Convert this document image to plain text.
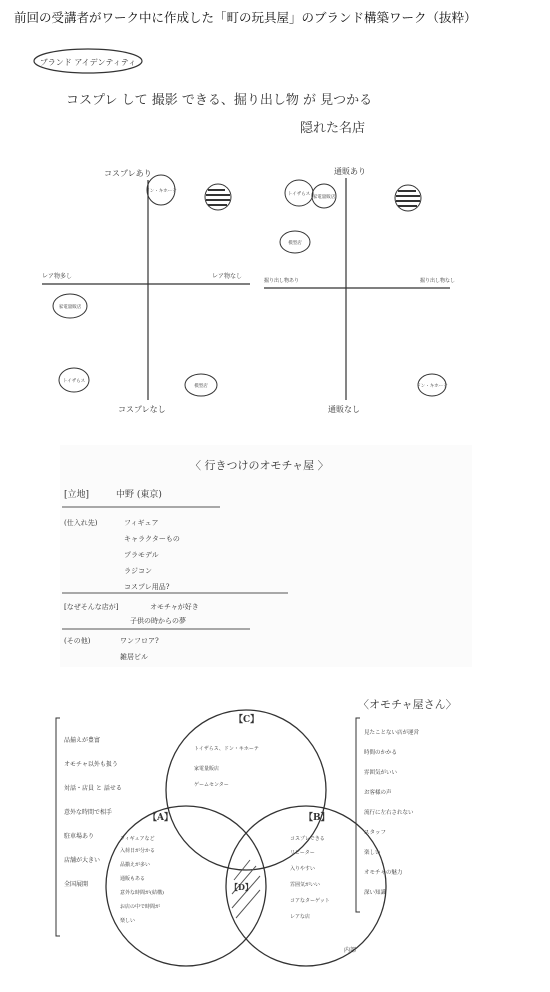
前回の受講者がワーク中に作成した「町の玩具屋」のブランド構築ワーク（抜粋）
ブランド アイデンティティ
コスプレ して 撮影 できる、掘り出し物 が 見つかる
隠れた名店
コスプレあり
コスプレなし
レア物多し	レア物なし
ドン・キホーテ
家電量販店
トイザらス
模型店
通販あり
通販なし
掘り出し物あり	掘り出し物なし
トイザらス
家電量販店
模型店
ドン・キホーテ
〈 行きつけのオモチャ屋 〉
[立地]	中野 (東京)
(仕入れ先)	フィギュア
キャラクターもの
プラモデル
ラジコン
コスプレ用品?
[なぜそんな店が]	オモチャが好き
子供の時からの夢
(その他)	ワンフロア?
雑居ビル
品揃えが豊富
オモチャ以外も扱う
対話・店員 と 話せる
意外な時間で相手
駐車場あり
店舗が大きい
全国展開
【C】
【A】	【B】
【D】
トイザらス、ドン・キホーテ
家電量販店
ゲームセンター
フィギュアなど
入荷日が分かる
品揃えが多い
通販もある
意外な時間が(結構)
お店の中で時間が
楽しい
コスプレできる
リピーター
入りやすい
雰囲気がいい
コアなターゲット
レアな店
内部
〈オモチャ屋さん〉
見たことない店が運営
時間のかかる
雰囲気がいい
お客様の声
流行に左右されない
スタッフ
楽しい
オモチャの魅力
深い知識
